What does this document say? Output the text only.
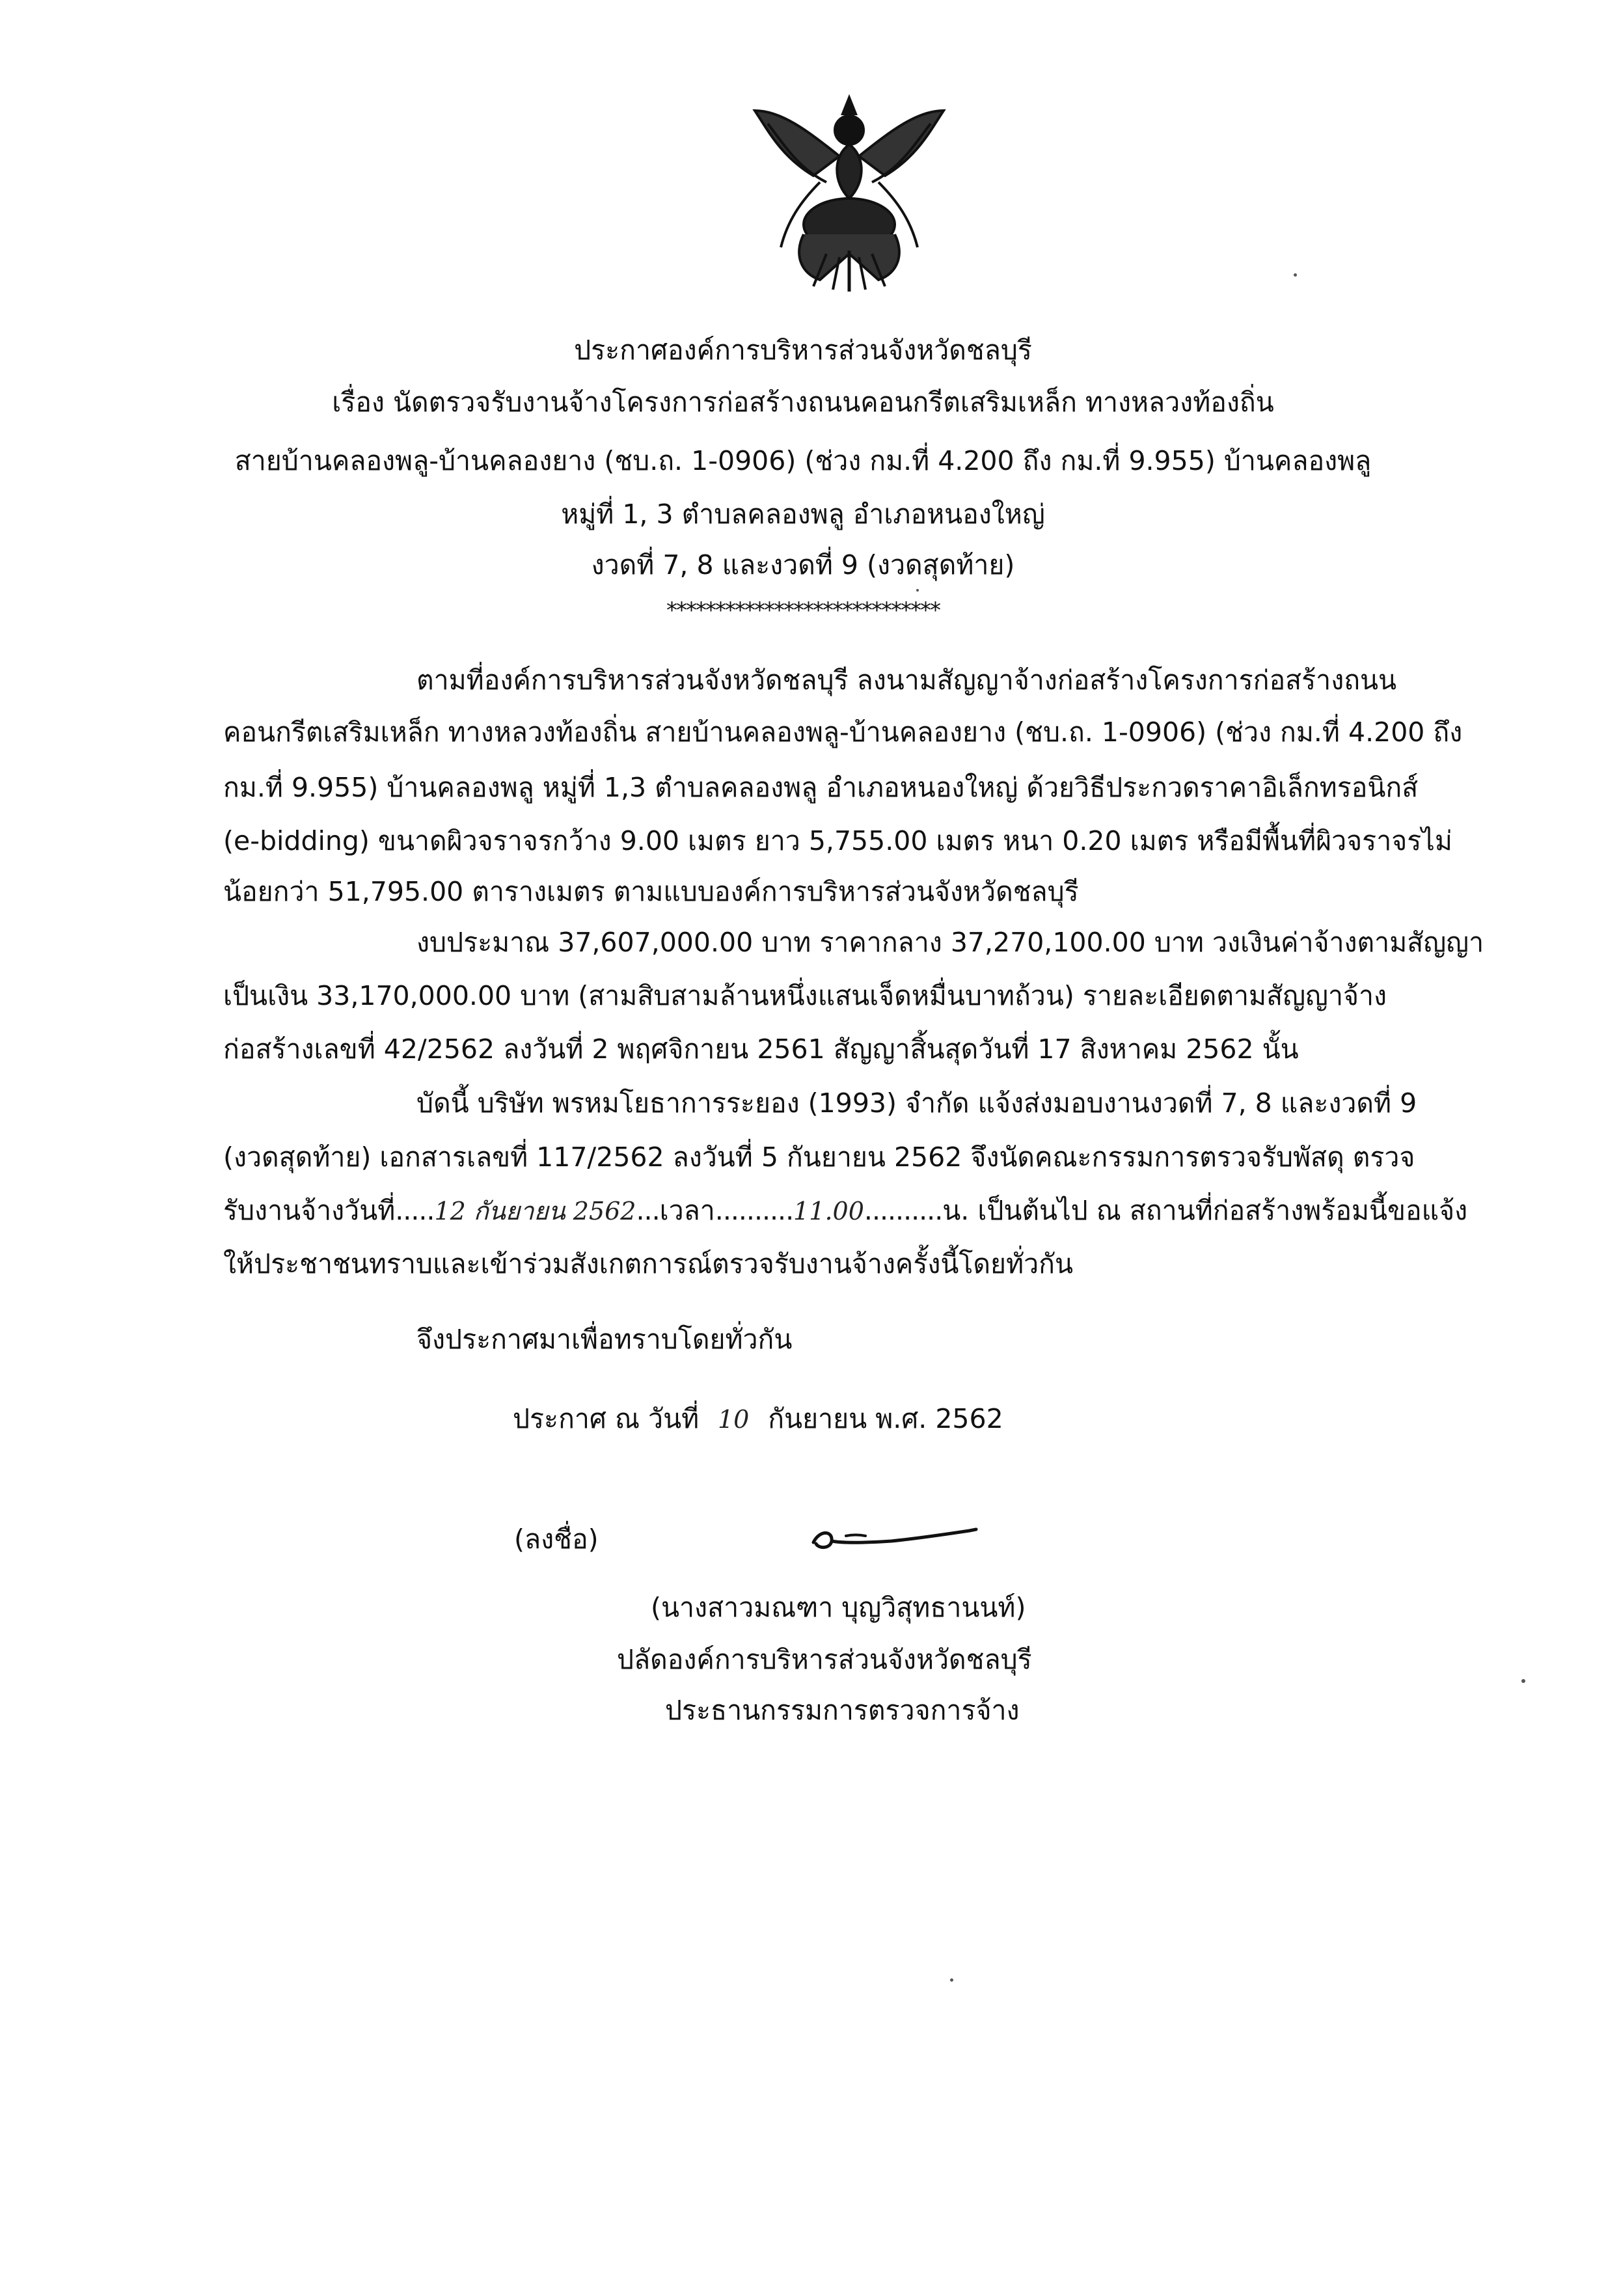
ประกาศองค์การบริหารส่วนจังหวัดชลบุรี
เรื่อง นัดตรวจรับงานจ้างโครงการก่อสร้างถนนคอนกรีตเสริมเหล็ก ทางหลวงท้องถิ่น
สายบ้านคลองพลู-บ้านคลองยาง (ชบ.ถ. 1-0906) (ช่วง กม.ที่ 4.200 ถึง กม.ที่ 9.955) บ้านคลองพลู
หมู่ที่ 1, 3 ตำบลคลองพลู อำเภอหนองใหญ่
งวดที่ 7, 8 และงวดที่ 9 (งวดสุดท้าย)
****************************
ตามที่องค์การบริหารส่วนจังหวัดชลบุรี ลงนามสัญญาจ้างก่อสร้างโครงการก่อสร้างถนน
คอนกรีตเสริมเหล็ก ทางหลวงท้องถิ่น สายบ้านคลองพลู-บ้านคลองยาง (ชบ.ถ. 1-0906) (ช่วง กม.ที่ 4.200 ถึง
กม.ที่ 9.955) บ้านคลองพลู หมู่ที่ 1,3 ตำบลคลองพลู อำเภอหนองใหญ่ ด้วยวิธีประกวดราคาอิเล็กทรอนิกส์
(e-bidding) ขนาดผิวจราจรกว้าง 9.00 เมตร ยาว 5,755.00 เมตร หนา 0.20 เมตร หรือมีพื้นที่ผิวจราจรไม่
น้อยกว่า 51,795.00 ตารางเมตร ตามแบบองค์การบริหารส่วนจังหวัดชลบุรี
งบประมาณ 37,607,000.00 บาท ราคากลาง 37,270,100.00 บาท วงเงินค่าจ้างตามสัญญา
เป็นเงิน 33,170,000.00 บาท (สามสิบสามล้านหนึ่งแสนเจ็ดหมื่นบาทถ้วน) รายละเอียดตามสัญญาจ้าง
ก่อสร้างเลขที่ 42/2562 ลงวันที่ 2 พฤศจิกายน 2561 สัญญาสิ้นสุดวันที่ 17 สิงหาคม 2562 นั้น
บัดนี้ บริษัท พรหมโยธาการระยอง (1993) จำกัด แจ้งส่งมอบงานงวดที่ 7, 8 และงวดที่ 9
(งวดสุดท้าย) เอกสารเลขที่ 117/2562 ลงวันที่ 5 กันยายน 2562 จึงนัดคณะกรรมการตรวจรับพัสดุ ตรวจ
รับงานจ้างวันที่.....12 กันยายน 2562...เวลา..........11.00..........น. เป็นต้นไป ณ สถานที่ก่อสร้างพร้อมนี้ขอแจ้ง
ให้ประชาชนทราบและเข้าร่วมสังเกตการณ์ตรวจรับงานจ้างครั้งนี้โดยทั่วกัน
จึงประกาศมาเพื่อทราบโดยทั่วกัน
ประกาศ ณ วันที่ 10 กันยายน พ.ศ. 2562
(ลงชื่อ)
(นางสาวมณฑา บุญวิสุทธานนท์)
ปลัดองค์การบริหารส่วนจังหวัดชลบุรี
ประธานกรรมการตรวจการจ้าง
